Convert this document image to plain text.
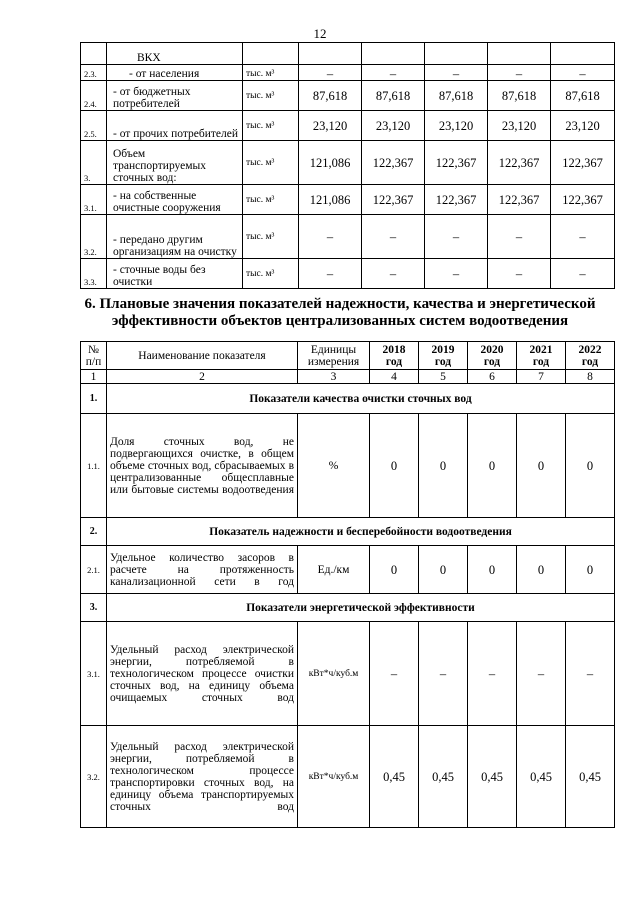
12
	ВКХ						
2.3.	- от населения	тыс. м³	–	–	–	–	–
2.4.	- от бюджетных потребителей	тыс. м³	87,618	87,618	87,618	87,618	87,618
2.5.	- от прочих потребителей	тыс. м³	23,120	23,120	23,120	23,120	23,120
3.	Объем транспортируемых сточных вод:	тыс. м³	121,086	122,367	122,367	122,367	122,367
3.1.	- на собственные очистные сооружения	тыс. м³	121,086	122,367	122,367	122,367	122,367
3.2.	- передано другим организациям на очистку	тыс. м³	–	–	–	–	–
3.3.	- сточные воды без очистки	тыс. м³	–	–	–	–	–
6. Плановые значения показателей надежности, качества и энергетической
эффективности объектов централизованных систем водоотведения
№ п/п	Наименование показателя	Единицы измерения	2018 год	2019 год	2020 год	2021 год	2022 год
1	2	3	4	5	6	7	8
1.	Показатели качества очистки сточных вод						
1.1.	Доля сточных вод, не подвергающихся очистке, в общем объеме сточных вод, сбрасываемых в централизованные общесплавные или бытовые системы водоотведения	%	0	0	0	0	0
2.	Показатель надежности и бесперебойности водоотведения						
2.1.	Удельное количество засоров в расчете на протяженность канализационной сети в год	Ед./км	0	0	0	0	0
3.	Показатели энергетической эффективности						
3.1.	Удельный расход электрической энергии, потребляемой в технологическом процессе очистки сточных вод, на единицу объема очищаемых сточных вод	кВт*ч/куб.м	–	–	–	–	–
3.2.	Удельный расход электрической энергии, потребляемой в технологическом процессе транспортировки сточных вод, на единицу объема транспортируемых сточных вод	кВт*ч/куб.м	0,45	0,45	0,45	0,45	0,45
